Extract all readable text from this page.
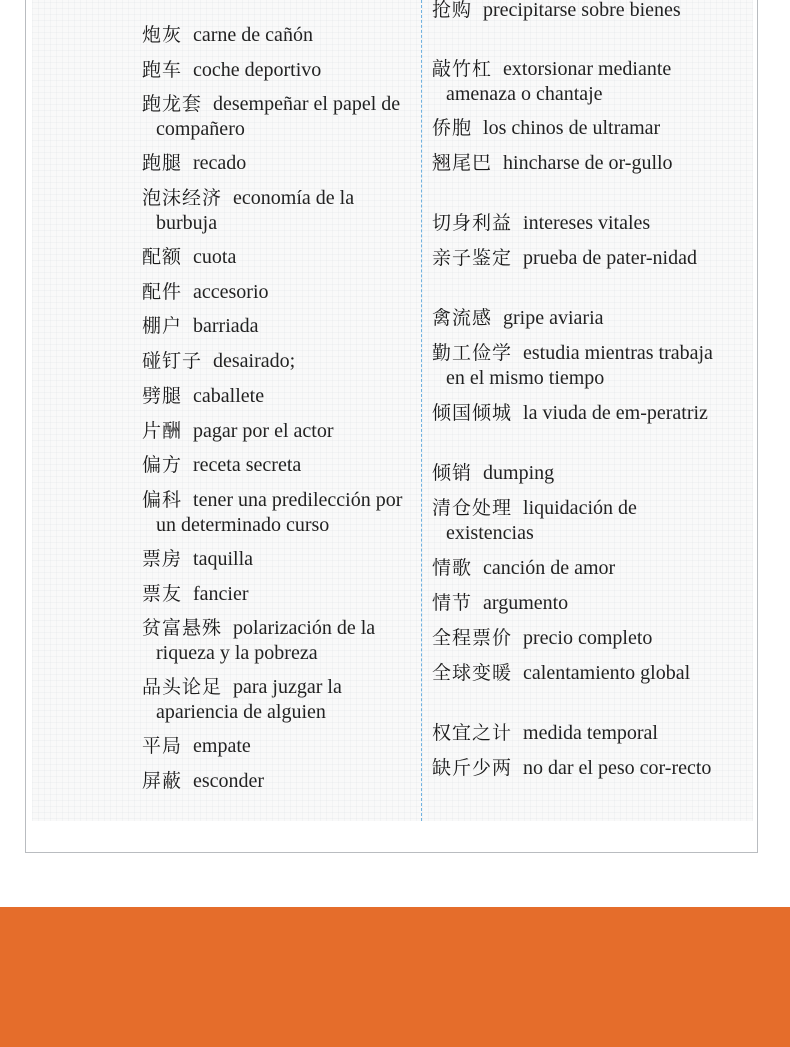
炮灰 carne de cañón
跑车 coche deportivo
跑龙套 desempeñar el papel de compañero
跑腿 recado
泡沫经济 economía de la burbuja
配额 cuota
配件 accesorio
棚户 barriada
碰钉子 desairado;
劈腿 caballete
片酬 pagar por el actor
偏方 receta secreta
偏科 tener una predilección por un determinado curso
票房 taquilla
票友 fancier
贫富悬殊 polarización de la riqueza y la pobreza
品头论足 para juzgar la apariencia de alguien
平局 empate
屏蔽 esconder
抢购 precipitarse sobre bienes
敲竹杠 extorsionar mediante amenaza o chantaje
侨胞 los chinos de ultramar
翘尾巴 hincharse de or-gullo
切身利益 intereses vitales
亲子鉴定 prueba de pater-nidad
禽流感 gripe aviaria
勤工俭学 estudia mientras trabaja en el mismo tiempo
倾国倾城 la viuda de em-peratriz
倾销 dumping
清仓处理 liquidación de existencias
情歌 canción de amor
情节 argumento
全程票价 precio completo
全球变暖 calentamiento global
权宜之计 medida temporal
缺斤少两 no dar el peso cor-recto
